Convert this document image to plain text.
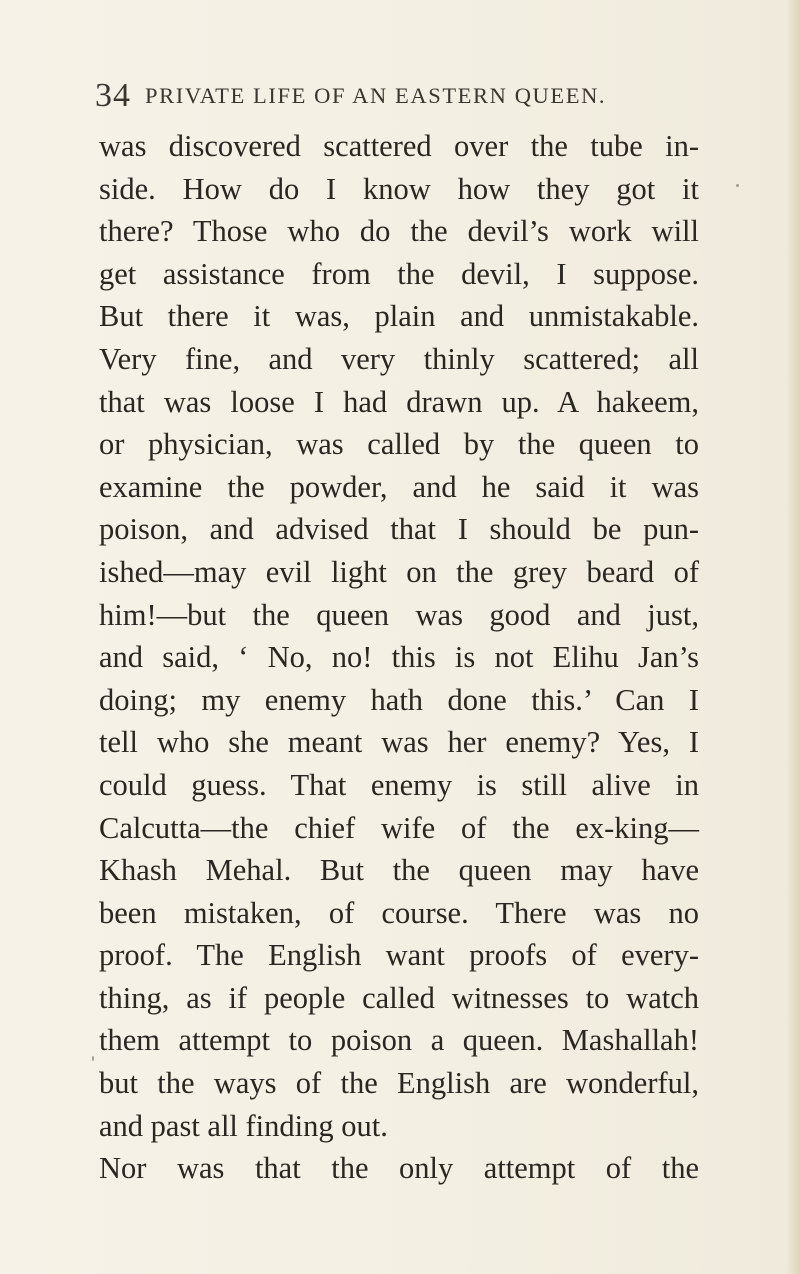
34 PRIVATE LIFE OF AN EASTERN QUEEN.
was discovered scattered over the tube in-
side. How do I know how they got it
there? Those who do the devil’s work will
get assistance from the devil, I suppose.
But there it was, plain and unmistakable.
Very fine, and very thinly scattered; all
that was loose I had drawn up. A hakeem,
or physician, was called by the queen to
examine the powder, and he said it was
poison, and advised that I should be pun-
ished—may evil light on the grey beard of
him!—but the queen was good and just,
and said, ‘ No, no! this is not Elihu Jan’s
doing; my enemy hath done this.’ Can I
tell who she meant was her enemy? Yes, I
could guess. That enemy is still alive in
Calcutta—the chief wife of the ex-king—
Khash Mehal. But the queen may have
been mistaken, of course. There was no
proof. The English want proofs of every-
thing, as if people called witnesses to watch
them attempt to poison a queen. Mashallah!
but the ways of the English are wonderful,
and past all finding out.
Nor was that the only attempt of the
